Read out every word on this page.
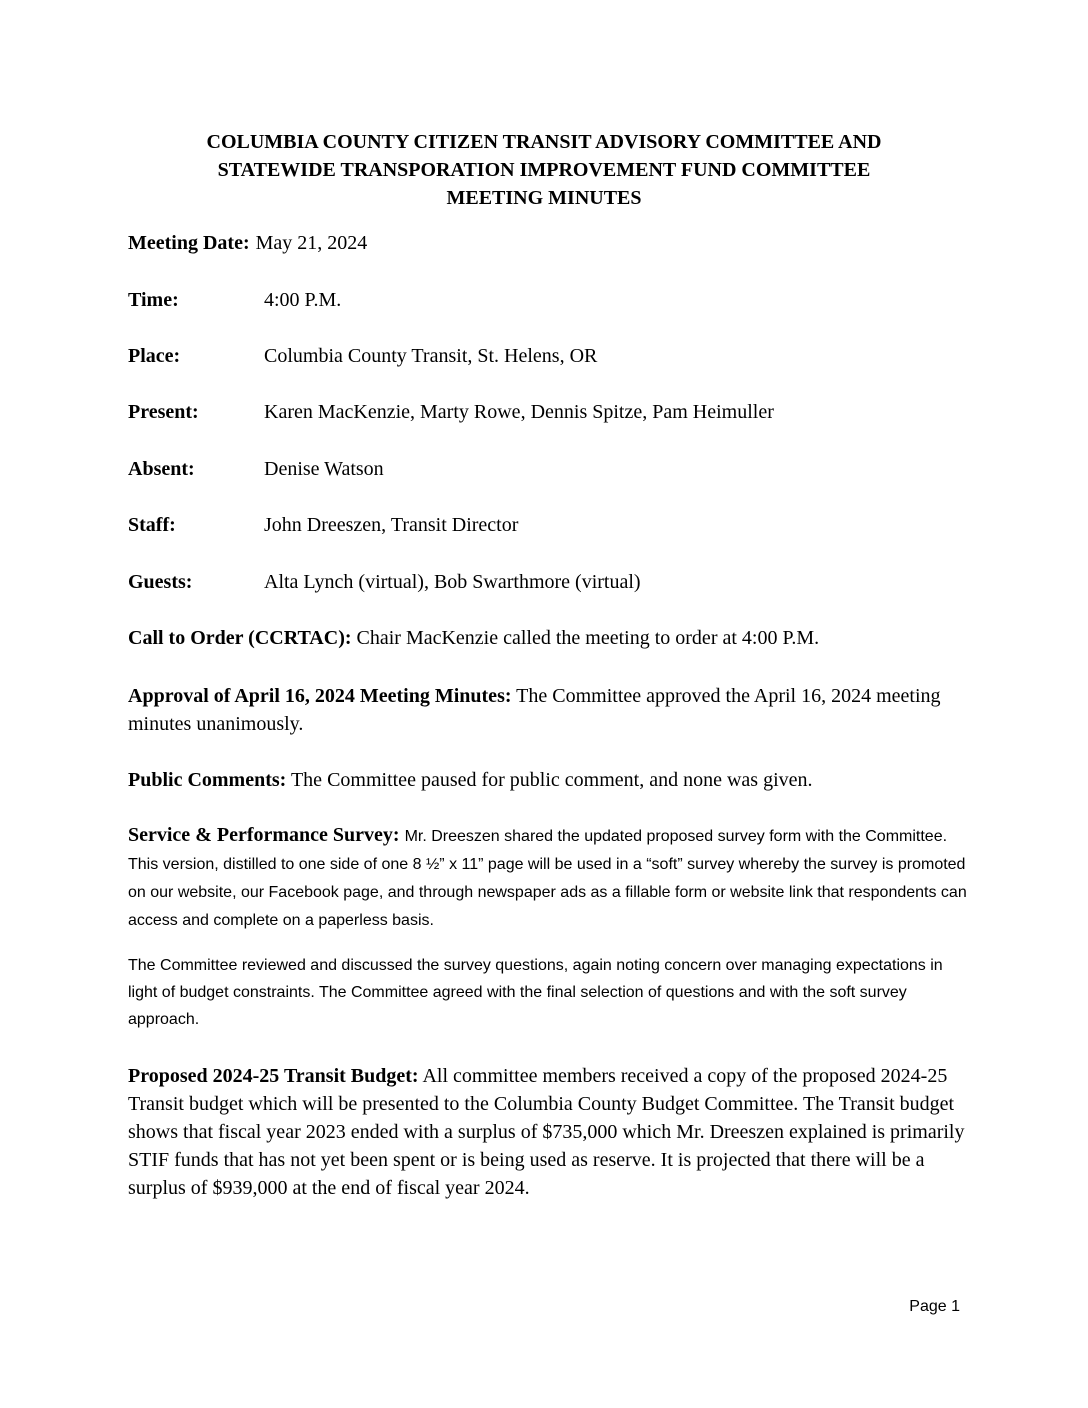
COLUMBIA COUNTY CITIZEN TRANSIT ADVISORY COMMITTEE AND
STATEWIDE TRANSPORATION IMPROVEMENT FUND COMMITTEE
MEETING MINUTES
Meeting Date: May 21, 2024
Time:	4:00 P.M.
Place:	Columbia County Transit, St. Helens, OR
Present:	Karen MacKenzie, Marty Rowe, Dennis Spitze, Pam Heimuller
Absent:	Denise Watson
Staff:	John Dreeszen, Transit Director
Guests:	Alta Lynch (virtual), Bob Swarthmore (virtual)
Call to Order (CCRTAC): Chair MacKenzie called the meeting to order at 4:00 P.M.
Approval of April 16, 2024 Meeting Minutes: The Committee approved the April 16, 2024 meeting minutes unanimously.
Public Comments: The Committee paused for public comment, and none was given.
Service & Performance Survey: Mr. Dreeszen shared the updated proposed survey form with the Committee. This version, distilled to one side of one 8 ½” x 11” page will be used in a “soft” survey whereby the survey is promoted on our website, our Facebook page, and through newspaper ads as a fillable form or website link that respondents can access and complete on a paperless basis.
The Committee reviewed and discussed the survey questions, again noting concern over managing expectations in light of budget constraints. The Committee agreed with the final selection of questions and with the soft survey approach.
Proposed 2024-25 Transit Budget: All committee members received a copy of the proposed 2024-25 Transit budget which will be presented to the Columbia County Budget Committee. The Transit budget shows that fiscal year 2023 ended with a surplus of $735,000 which Mr. Dreeszen explained is primarily STIF funds that has not yet been spent or is being used as reserve. It is projected that there will be a surplus of $939,000 at the end of fiscal year 2024.
Page 1
